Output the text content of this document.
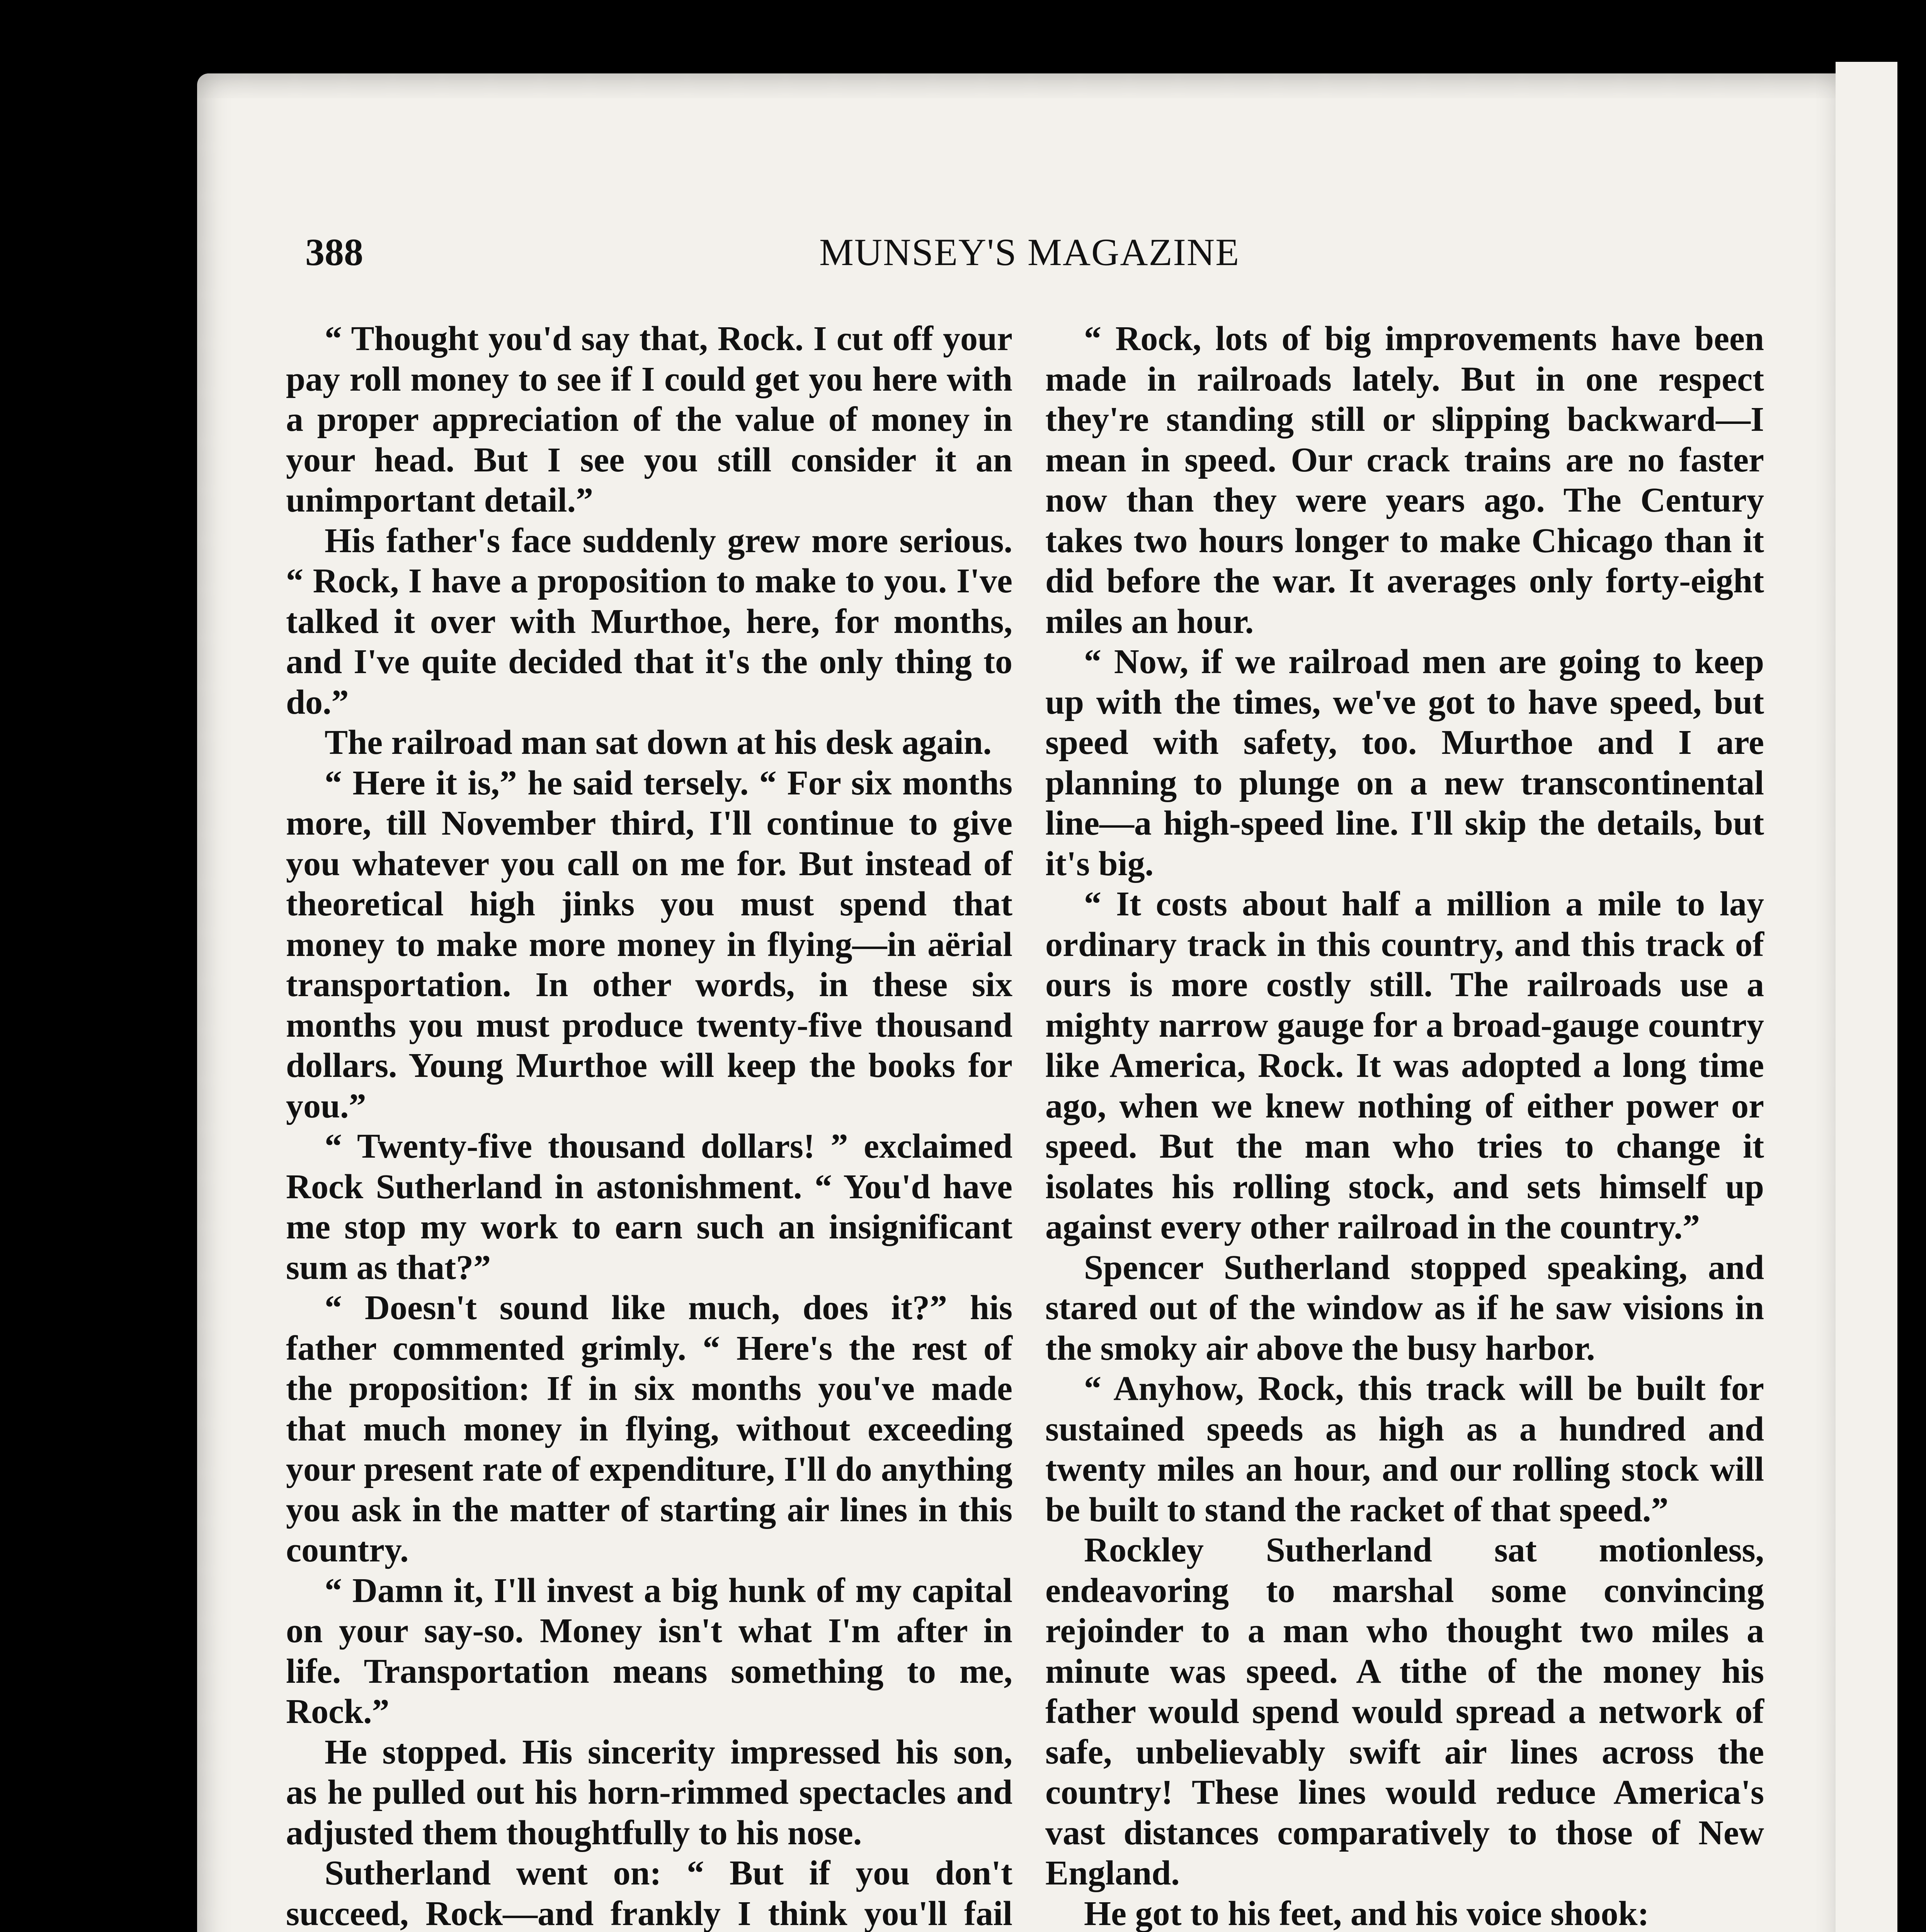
388	MUNSEY'S MAGAZINE

“ Thought you'd say that, Rock. I cut off your pay roll money to see if I could get you here with a proper appreciation of the value of money in your head. But I see you still consider it an unimportant detail.”

His father's face suddenly grew more serious. “ Rock, I have a proposition to make to you. I've talked it over with Murthoe, here, for months, and I've quite decided that it's the only thing to do.”

The railroad man sat down at his desk again.

“ Here it is,” he said tersely. “ For six months more, till November third, I'll continue to give you whatever you call on me for. But instead of theoretical high jinks you must spend that money to make more money in flying—in aërial transportation. In other words, in these six months you must produce twenty-five thousand dollars. Young Murthoe will keep the books for you.”

“ Twenty-five thousand dollars! ” exclaimed Rock Sutherland in astonishment. “ You'd have me stop my work to earn such an insignificant sum as that?”

“ Doesn't sound like much, does it?” his father commented grimly. “ Here's the rest of the proposition: If in six months you've made that much money in flying, without exceeding your present rate of expenditure, I'll do anything you ask in the matter of starting air lines in this country.

“ Damn it, I'll invest a big hunk of my capital on your say-so. Money isn't what I'm after in life. Transportation means something to me, Rock.”

He stopped. His sincerity impressed his son, as he pulled out his horn-rimmed spectacles and adjusted them thoughtfully to his nose.

Sutherland went on: “ But if you don't succeed, Rock—and frankly I think you'll fail

“ Rock, lots of big improvements have been made in railroads lately. But in one respect they're standing still or slipping backward—I mean in speed. Our crack trains are no faster now than they were years ago. The Century takes two hours longer to make Chicago than it did before the war. It averages only forty-eight miles an hour.

“ Now, if we railroad men are going to keep up with the times, we've got to have speed, but speed with safety, too. Murthoe and I are planning to plunge on a new transcontinental line—a high-speed line. I'll skip the details, but it's big.

“ It costs about half a million a mile to lay ordinary track in this country, and this track of ours is more costly still. The railroads use a mighty narrow gauge for a broad-gauge country like America, Rock. It was adopted a long time ago, when we knew nothing of either power or speed. But the man who tries to change it isolates his rolling stock, and sets himself up against every other railroad in the country.”

Spencer Sutherland stopped speaking, and stared out of the window as if he saw visions in the smoky air above the busy harbor.

“ Anyhow, Rock, this track will be built for sustained speeds as high as a hundred and twenty miles an hour, and our rolling stock will be built to stand the racket of that speed.”

Rockley Sutherland sat motionless, endeavoring to marshal some convincing rejoinder to a man who thought two miles a minute was speed. A tithe of the money his father would spend would spread a network of safe, unbelievably swift air lines across the country! These lines would reduce America's vast distances comparatively to those of New England.

He got to his feet, and his voice shook:
